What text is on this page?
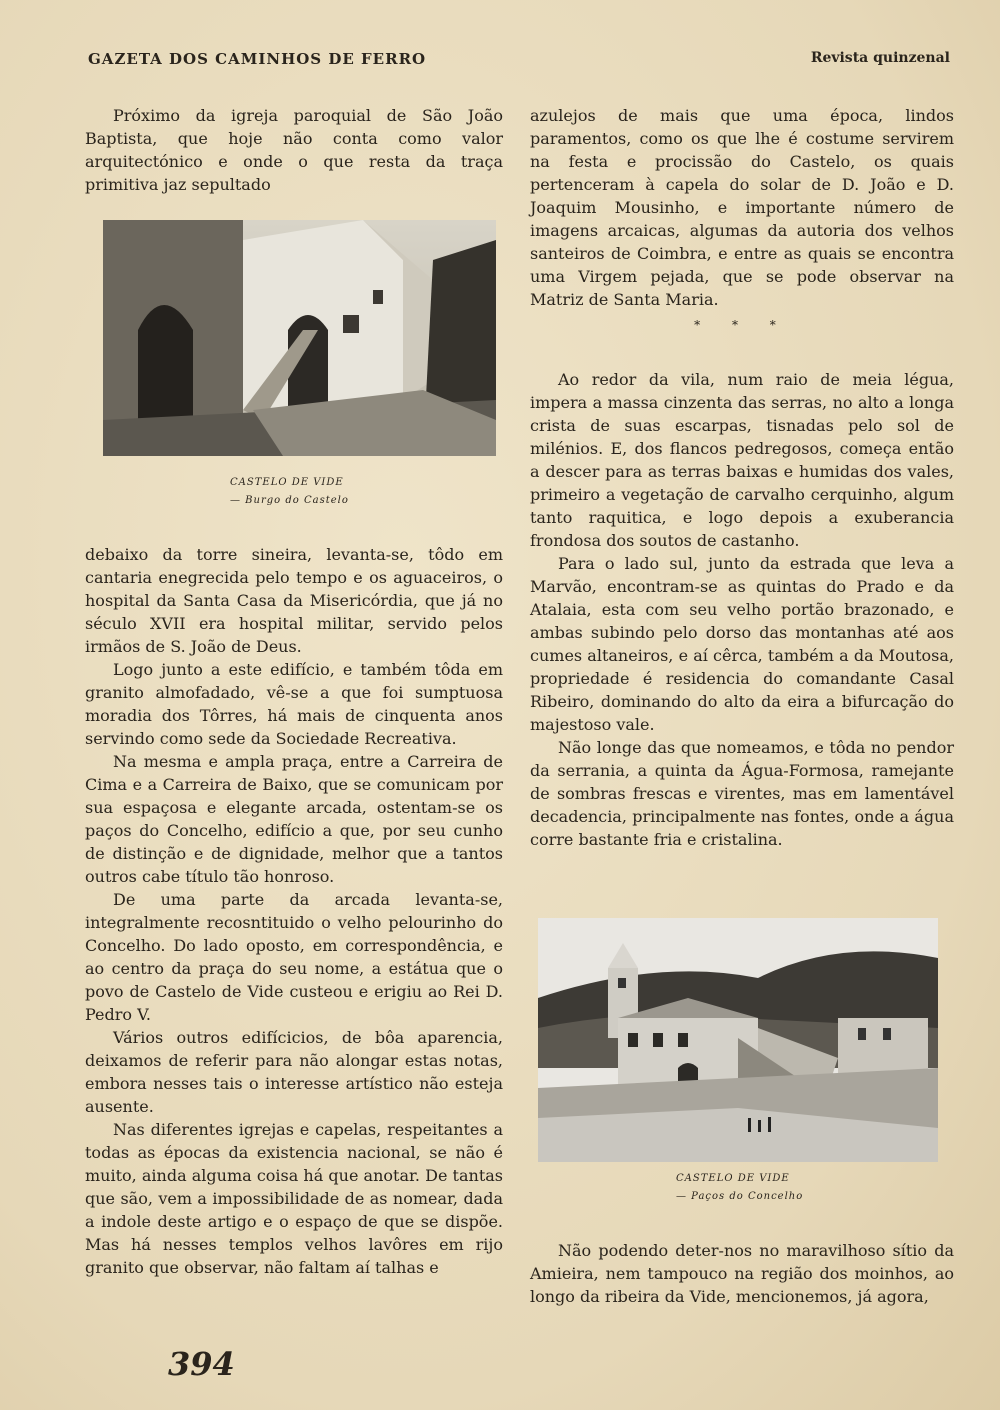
GAZETA DOS CAMINHOS DE FERRO	Revista quinzenal

Próximo da igreja paroquial de São João Baptista, que hoje não conta como valor arquitectónico e onde o que resta da traça primitiva jaz sepultado

CASTELO DE VIDE
— Burgo do Castelo

debaixo da torre sineira, levanta-se, tôdo em cantaria enegrecida pelo tempo e os aguaceiros, o hospital da Santa Casa da Misericórdia, que já no século XVII era hospital militar, servido pelos irmãos de S. João de Deus.

Logo junto a este edifício, e também tôda em granito almofadado, vê-se a que foi sumptuosa moradia dos Tôrres, há mais de cinquenta anos servindo como sede da Sociedade Recreativa.

Na mesma e ampla praça, entre a Carreira de Cima e a Carreira de Baixo, que se comunicam por sua espaçosa e elegante arcada, ostentam-se os paços do Concelho, edifício a que, por seu cunho de distinção e de dignidade, melhor que a tantos outros cabe título tão honroso.

De uma parte da arcada levanta-se, integralmente recosntituido o velho pelourinho do Concelho. Do lado oposto, em correspondência, e ao centro da praça do seu nome, a estátua que o povo de Castelo de Vide custeou e erigiu ao Rei D. Pedro V.

Vários outros edifícicios, de bôa aparencia, deixamos de referir para não alongar estas notas, embora nesses tais o interesse artístico não esteja ausente.

Nas diferentes igrejas e capelas, respeitantes a todas as épocas da existencia nacional, se não é muito, ainda alguma coisa há que anotar. De tantas que são, vem a impossibilidade de as nomear, dada a indole deste artigo e o espaço de que se dispõe. Mas há nesses templos velhos lavôres em rijo granito que observar, não faltam aí talhas e

azulejos de mais que uma época, lindos paramentos, como os que lhe é costume servirem na festa e procissão do Castelo, os quais pertenceram à capela do solar de D. João e D. Joaquim Mousinho, e importante número de imagens arcaicas, algumas da autoria dos velhos santeiros de Coimbra, e entre as quais se encontra uma Virgem pejada, que se pode observar na Matriz de Santa Maria.

* * *

Ao redor da vila, num raio de meia légua, impera a massa cinzenta das serras, no alto a longa crista de suas escarpas, tisnadas pelo sol de milénios. E, dos flancos pedregosos, começa então a descer para as terras baixas e humidas dos vales, primeiro a vegetação de carvalho cerquinho, algum tanto raquitica, e logo depois a exuberancia frondosa dos soutos de castanho.

Para o lado sul, junto da estrada que leva a Marvão, encontram-se as quintas do Prado e da Atalaia, esta com seu velho portão brazonado, e ambas subindo pelo dorso das montanhas até aos cumes altaneiros, e aí cêrca, também a da Moutosa, propriedade é residencia do comandante Casal Ribeiro, dominando do alto da eira a bifurcação do majestoso vale.

Não longe das que nomeamos, e tôda no pendor da serrania, a quinta da Água-Formosa, ramejante de sombras frescas e virentes, mas em lamentável decadencia, principalmente nas fontes, onde a água corre bastante fria e cristalina.

CASTELO DE VIDE
— Paços do Concelho

Não podendo deter-nos no maravilhoso sítio da Amieira, nem tampouco na região dos moinhos, ao longo da ribeira da Vide, mencionemos, já agora,

394
